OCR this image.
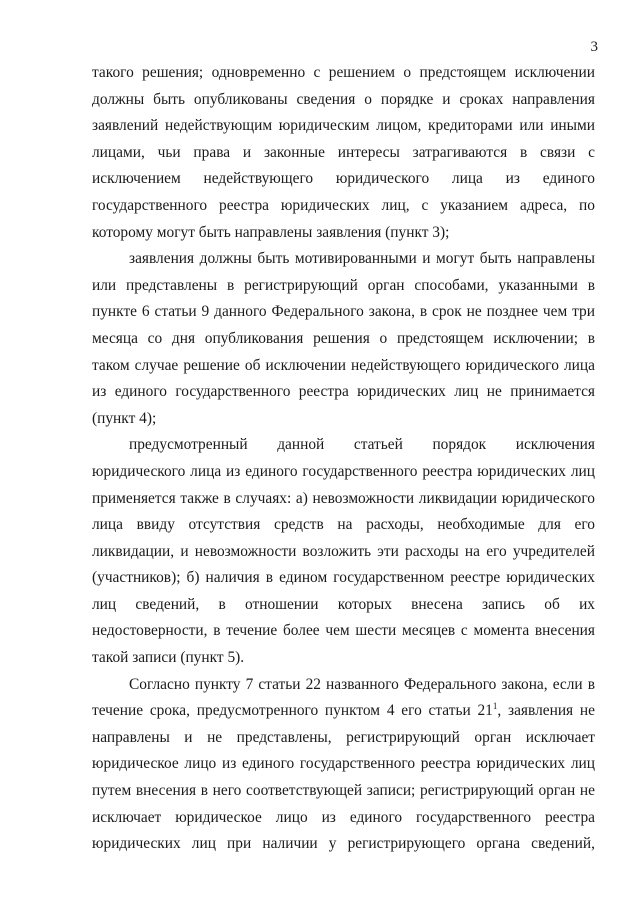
3
такого решения; одновременно с решением о предстоящем исключении
должны быть опубликованы сведения о порядке и сроках направления
заявлений недействующим юридическим лицом, кредиторами или иными
лицами, чьи права и законные интересы затрагиваются в связи с
исключением недействующего юридического лица из единого
государственного реестра юридических лиц, с указанием адреса, по
которому могут быть направлены заявления (пункт 3);
заявления должны быть мотивированными и могут быть направлены
или представлены в регистрирующий орган способами, указанными в
пункте 6 статьи 9 данного Федерального закона, в срок не позднее чем три
месяца со дня опубликования решения о предстоящем исключении; в
таком случае решение об исключении недействующего юридического лица
из единого государственного реестра юридических лиц не принимается
(пункт 4);
предусмотренный данной статьей порядок исключения
юридического лица из единого государственного реестра юридических лиц
применяется также в случаях: а) невозможности ликвидации юридического
лица ввиду отсутствия средств на расходы, необходимые для его
ликвидации, и невозможности возложить эти расходы на его учредителей
(участников); б) наличия в едином государственном реестре юридических
лиц сведений, в отношении которых внесена запись об их
недостоверности, в течение более чем шести месяцев с момента внесения
такой записи (пункт 5).
Согласно пункту 7 статьи 22 названного Федерального закона, если в
течение срока, предусмотренного пунктом 4 его статьи $21^1$, заявления не
направлены и не представлены, регистрирующий орган исключает
юридическое лицо из единого государственного реестра юридических лиц
путем внесения в него соответствующей записи; регистрирующий орган не
исключает юридическое лицо из единого государственного реестра
юридических лиц при наличии у регистрирующего органа сведений,
